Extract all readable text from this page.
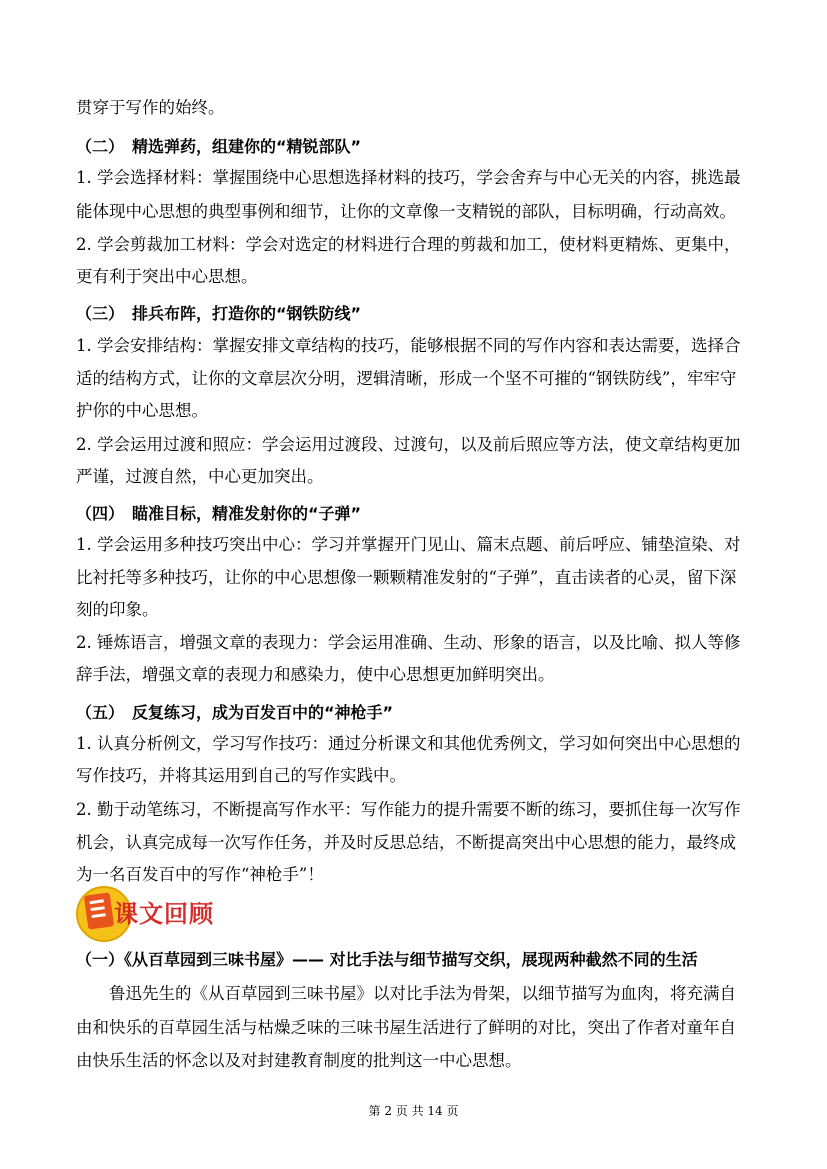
贯穿于写作的始终。
（二）　精选弹药，组建你的“精锐部队”
1. 学会选择材料：掌握围绕中心思想选择材料的技巧，学会舍弃与中心无关的内容，挑选最
能体现中心思想的典型事例和细节，让你的文章像一支精锐的部队，目标明确，行动高效。
2. 学会剪裁加工材料：学会对选定的材料进行合理的剪裁和加工，使材料更精炼、更集中，
更有利于突出中心思想。
（三）　排兵布阵，打造你的“钢铁防线”
1. 学会安排结构：掌握安排文章结构的技巧，能够根据不同的写作内容和表达需要，选择合
适的结构方式，让你的文章层次分明，逻辑清晰，形成一个坚不可摧的“钢铁防线”，牢牢守
护你的中心思想。
2. 学会运用过渡和照应：学会运用过渡段、过渡句，以及前后照应等方法，使文章结构更加
严谨，过渡自然，中心更加突出。
（四）　瞄准目标，精准发射你的“子弹”
1. 学会运用多种技巧突出中心：学习并掌握开门见山、篇末点题、前后呼应、铺垫渲染、对
比衬托等多种技巧，让你的中心思想像一颗颗精准发射的“子弹”，直击读者的心灵，留下深
刻的印象。
2. 锤炼语言，增强文章的表现力：学会运用准确、生动、形象的语言，以及比喻、拟人等修
辞手法，增强文章的表现力和感染力，使中心思想更加鲜明突出。
（五）　反复练习，成为百发百中的“神枪手”
1. 认真分析例文，学习写作技巧：通过分析课文和其他优秀例文，学习如何突出中心思想的
写作技巧，并将其运用到自己的写作实践中。
2. 勤于动笔练习，不断提高写作水平：写作能力的提升需要不断的练习，要抓住每一次写作
机会，认真完成每一次写作任务，并及时反思总结，不断提高突出中心思想的能力，最终成
为一名百发百中的写作“神枪手”！
课文回顾
（一）《从百草园到三味书屋》—— 对比手法与细节描写交织，展现两种截然不同的生活
　　鲁迅先生的《从百草园到三味书屋》以对比手法为骨架，以细节描写为血肉，将充满自
由和快乐的百草园生活与枯燥乏味的三味书屋生活进行了鲜明的对比，突出了作者对童年自
由快乐生活的怀念以及对封建教育制度的批判这一中心思想。
第 2 页 共 14 页
